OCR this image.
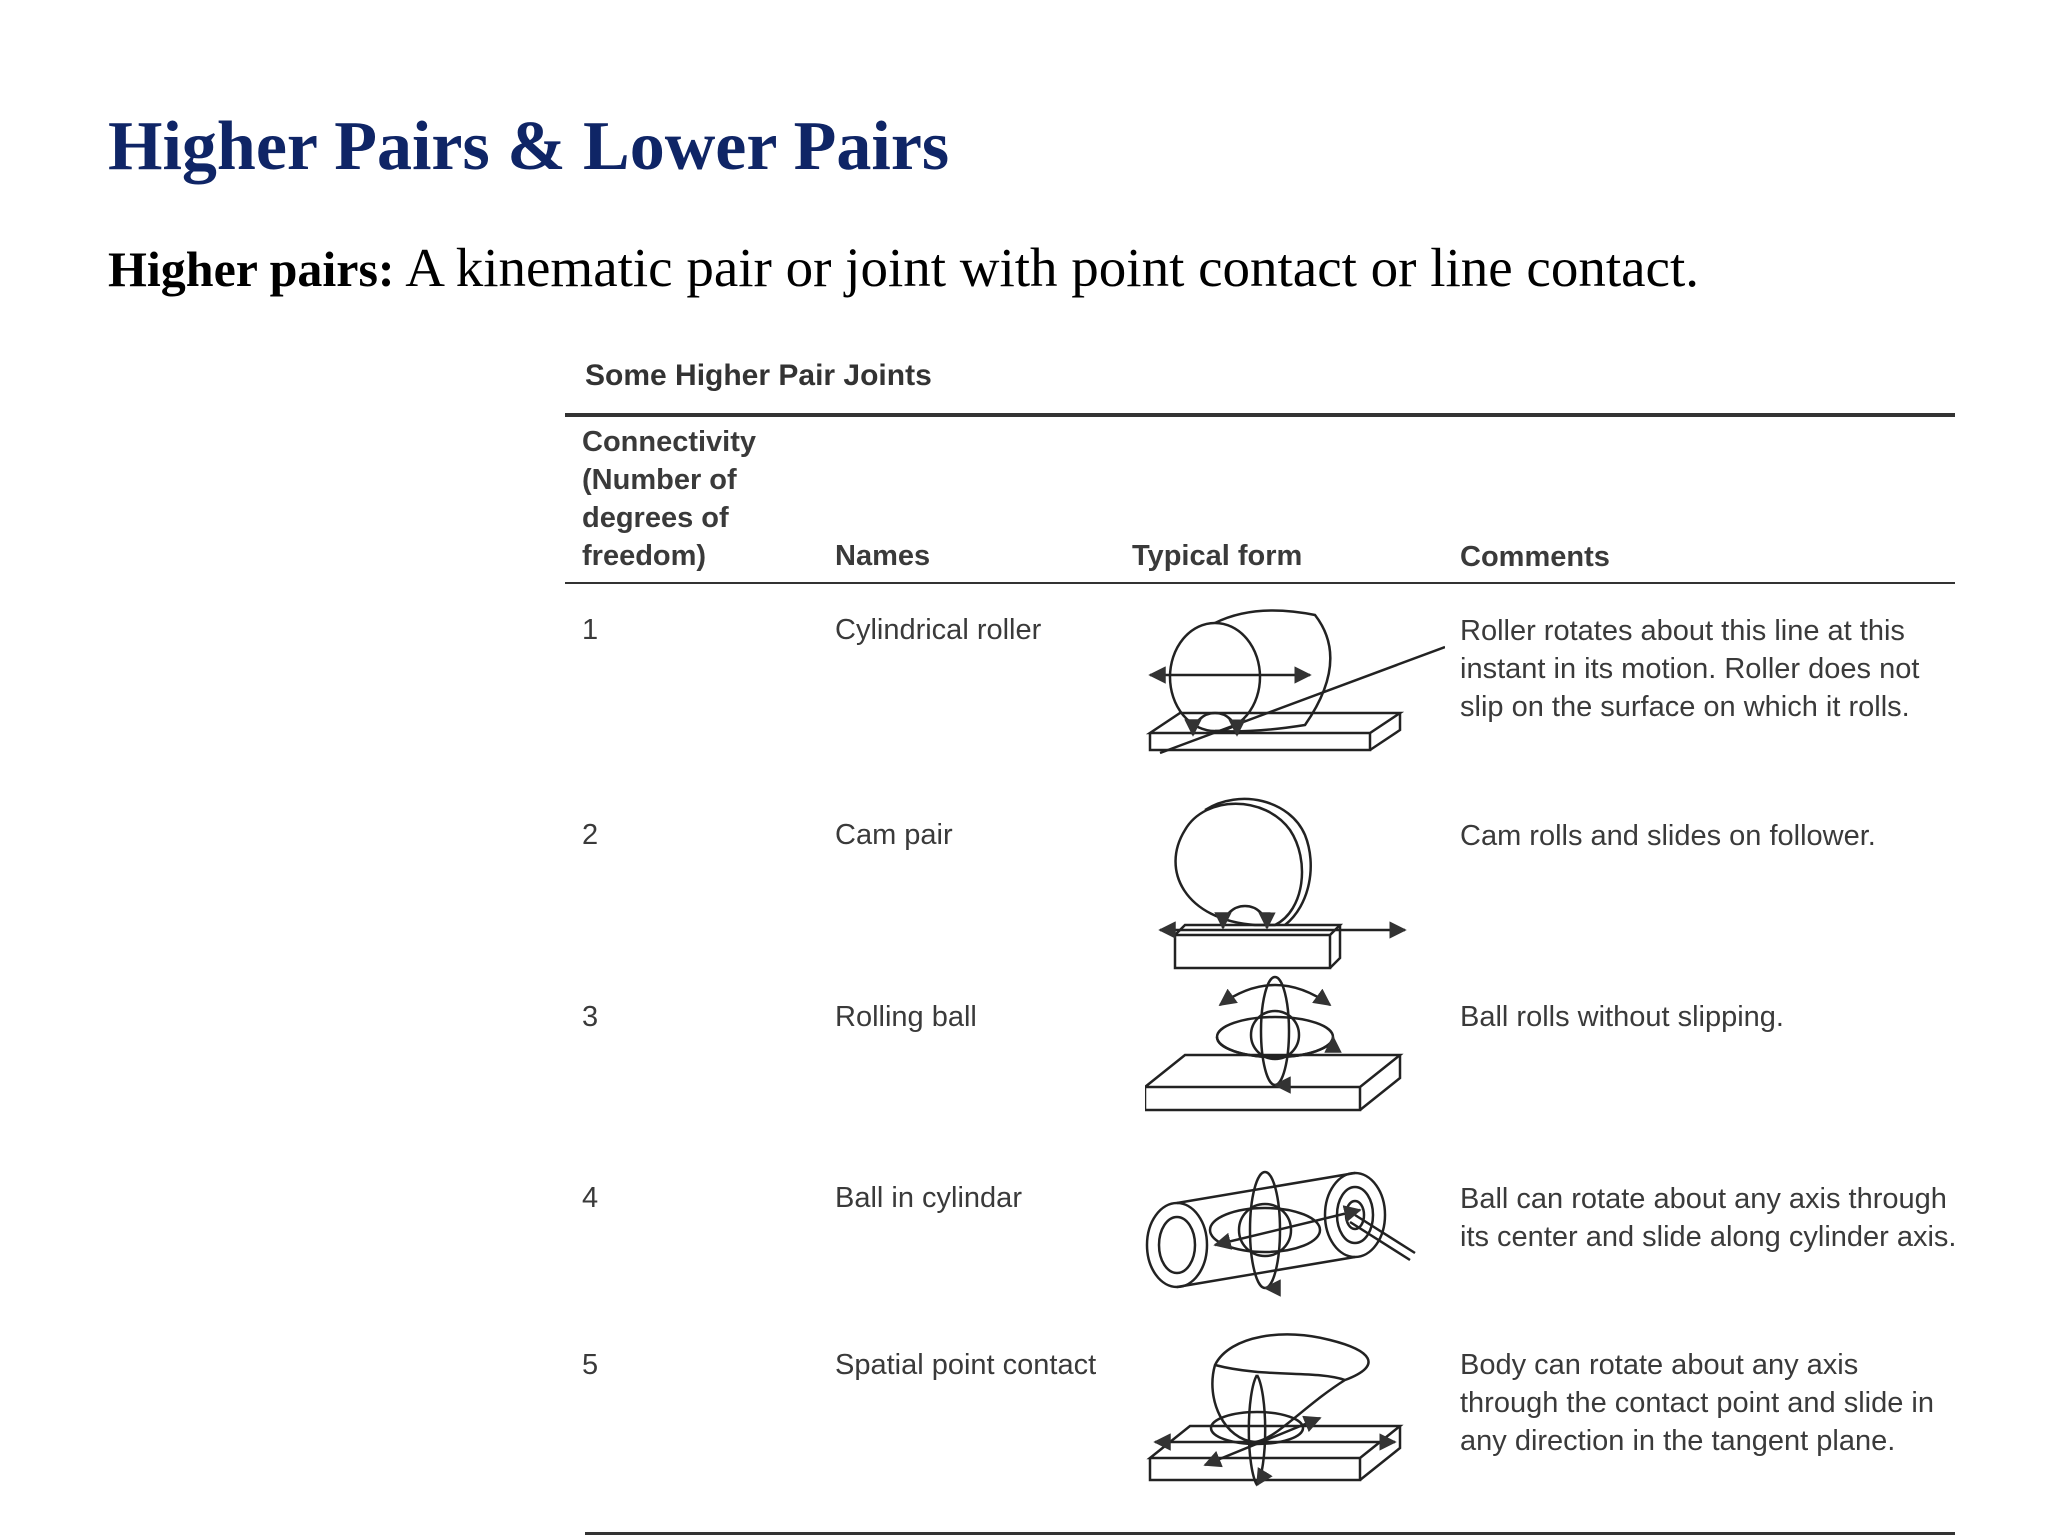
Higher Pairs & Lower Pairs
Higher pairs: A kinematic pair or joint with point contact or line contact.
Some Higher Pair Joints
Connectivity (Number of degrees of freedom)	Names	Typical form	Comments
1	Cylindrical roller	Roller rotates about this line at this instant in its motion. Roller does not slip on the surface on which it rolls.
2	Cam pair	Cam rolls and slides on follower.
3	Rolling ball	Ball rolls without slipping.
4	Ball in cylindar	Ball can rotate about any axis through its center and slide along cylinder axis.
5	Spatial point contact	Body can rotate about any axis through the contact point and slide in any direction in the tangent plane.
